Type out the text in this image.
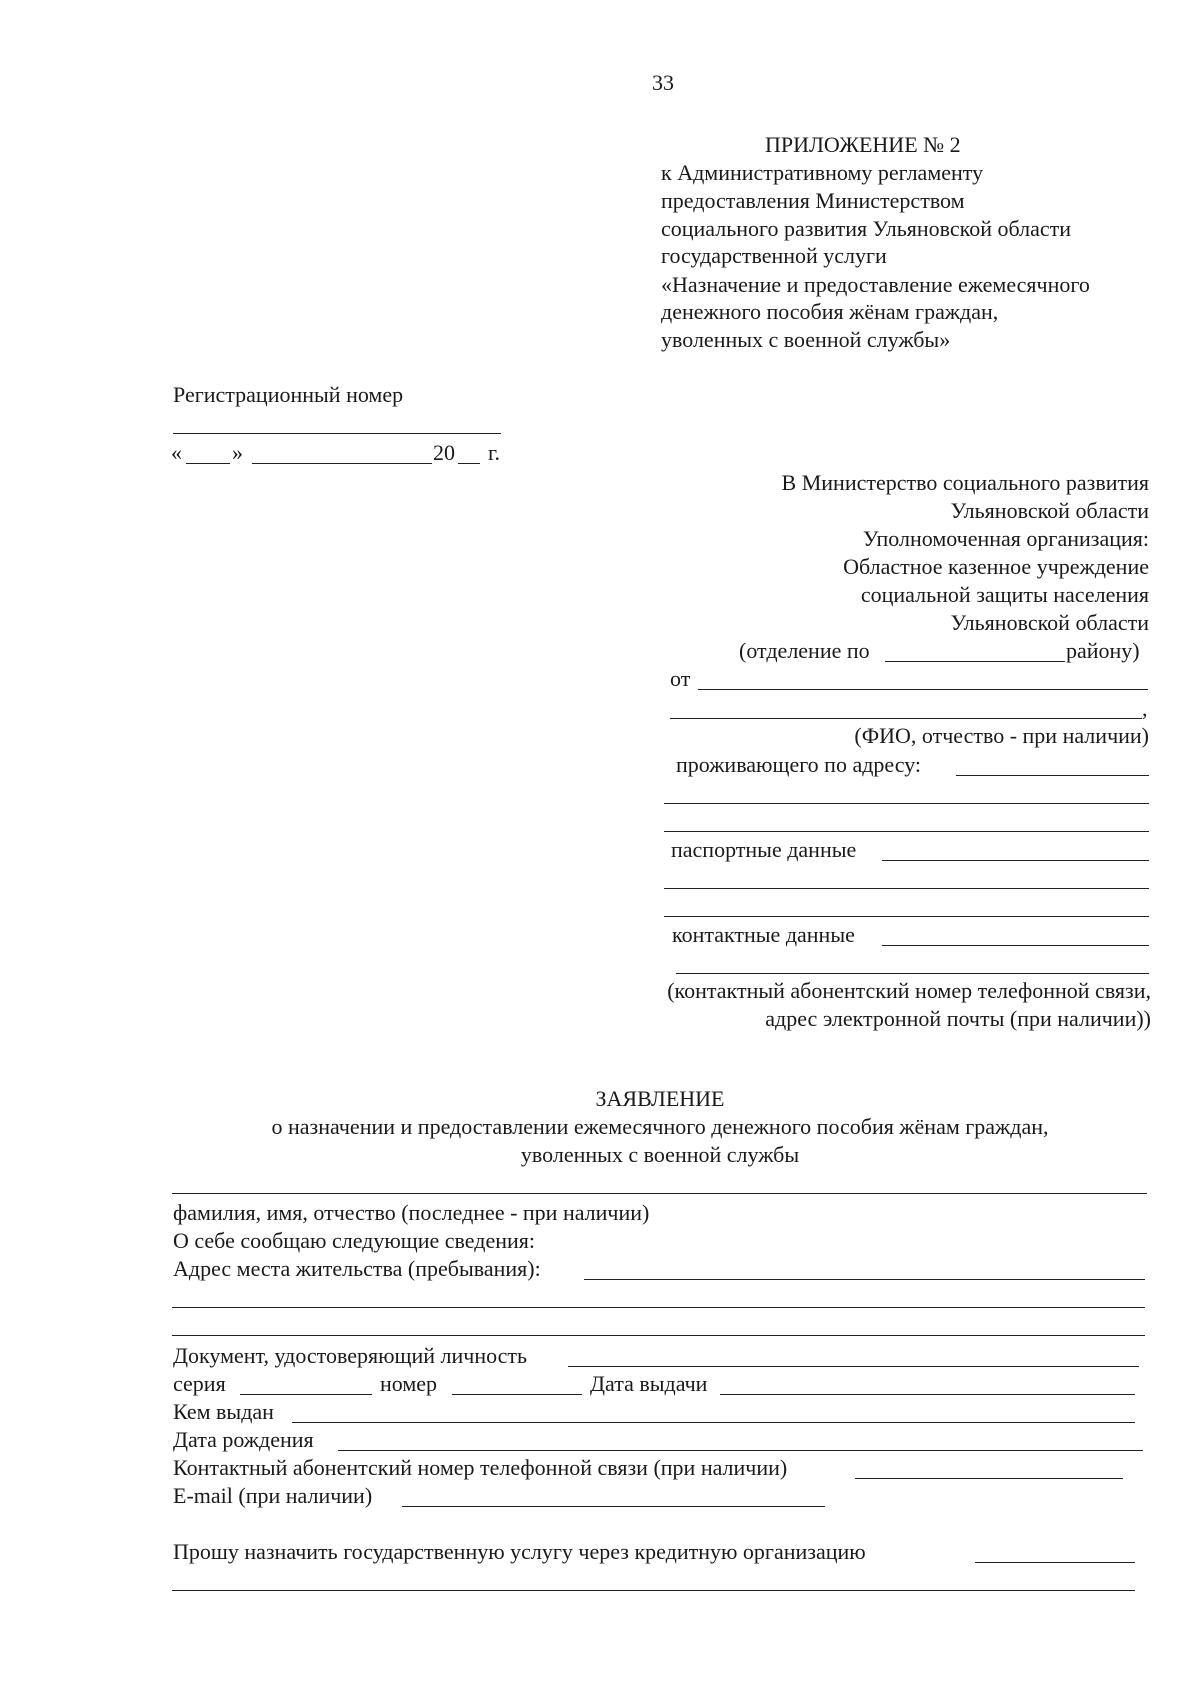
33
ПРИЛОЖЕНИЕ № 2
к Административному регламенту
предоставления Министерством
социального развития Ульяновской области
государственной услуги
«Назначение и предоставление ежемесячного
денежного пособия жёнам граждан,
уволенных с военной службы»
Регистрационный номер
« »	20 г.
В Министерство социального развития
Ульяновской области
Уполномоченная организация:
Областное казенное учреждение
социальной защиты населения
Ульяновской области
(отделение по	району)
от
,
(ФИО, отчество - при наличии)
проживающего по адресу:
паспортные данные
контактные данные
(контактный абонентский номер телефонной связи,
адрес электронной почты (при наличии))
ЗАЯВЛЕНИЕ
о назначении и предоставлении ежемесячного денежного пособия жёнам граждан,
уволенных с военной службы
фамилия, имя, отчество (последнее - при наличии)
О себе сообщаю следующие сведения:
Адрес места жительства (пребывания):
Документ, удостоверяющий личность
серия	номер	Дата выдачи
Кем выдан
Дата рождения
Контактный абонентский номер телефонной связи (при наличии)
E-mail (при наличии)
Прошу назначить государственную услугу через кредитную организацию
